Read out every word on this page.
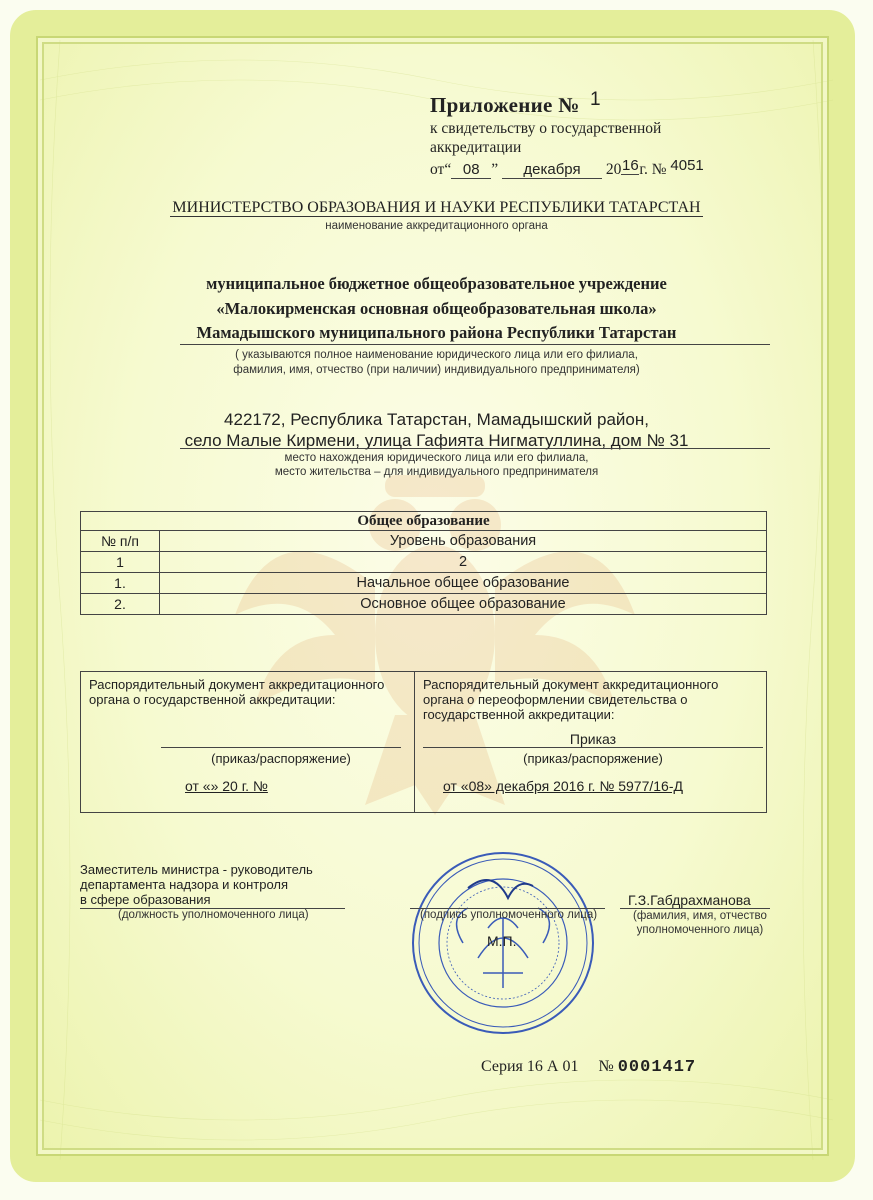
Приложение № 1
к свидетельству о государственной аккредитации
от“ 08 ” декабря 2016г. № 4051
МИНИСТЕРСТВО ОБРАЗОВАНИЯ И НАУКИ РЕСПУБЛИКИ ТАТАРСТАН
наименование аккредитационного органа
муниципальное бюджетное общеобразовательное учреждение
«Малокирменская основная общеобразовательная школа»
Мамадышского муниципального района Республики Татарстан
( указываются полное наименование юридического лица или его филиала,
фамилия, имя, отчество (при наличии) индивидуального предпринимателя)
422172, Республика Татарстан, Мамадышский район,
село Малые Кирмени, улица Гафията Нигматуллина, дом № 31
место нахождения юридического лица или его филиала,
место жительства – для индивидуального предпринимателя
Общее образование	
№ п/п	Уровень образования
1	2
1.	Начальное общее образование
2.	Основное общее образование
Распорядительный документ аккредитационного органа о государственной аккредитации:
(приказ/распоряжение)
от «» 20 г. №
Распорядительный документ аккредитационного органа о переоформлении свидетельства о государственной аккредитации:
Приказ
(приказ/распоряжение)
от «08» декабря 2016 г. № 5977/16-Д
Заместитель министра - руководитель
департамента надзора и контроля
в сфере образования
(должность уполномоченного лица)	(подпись уполномоченного лица)
М.П.
Г.З.Габдрахманова
(фамилия, имя, отчество
уполномоченного лица)
Серия 16 А 01 № 0001417
